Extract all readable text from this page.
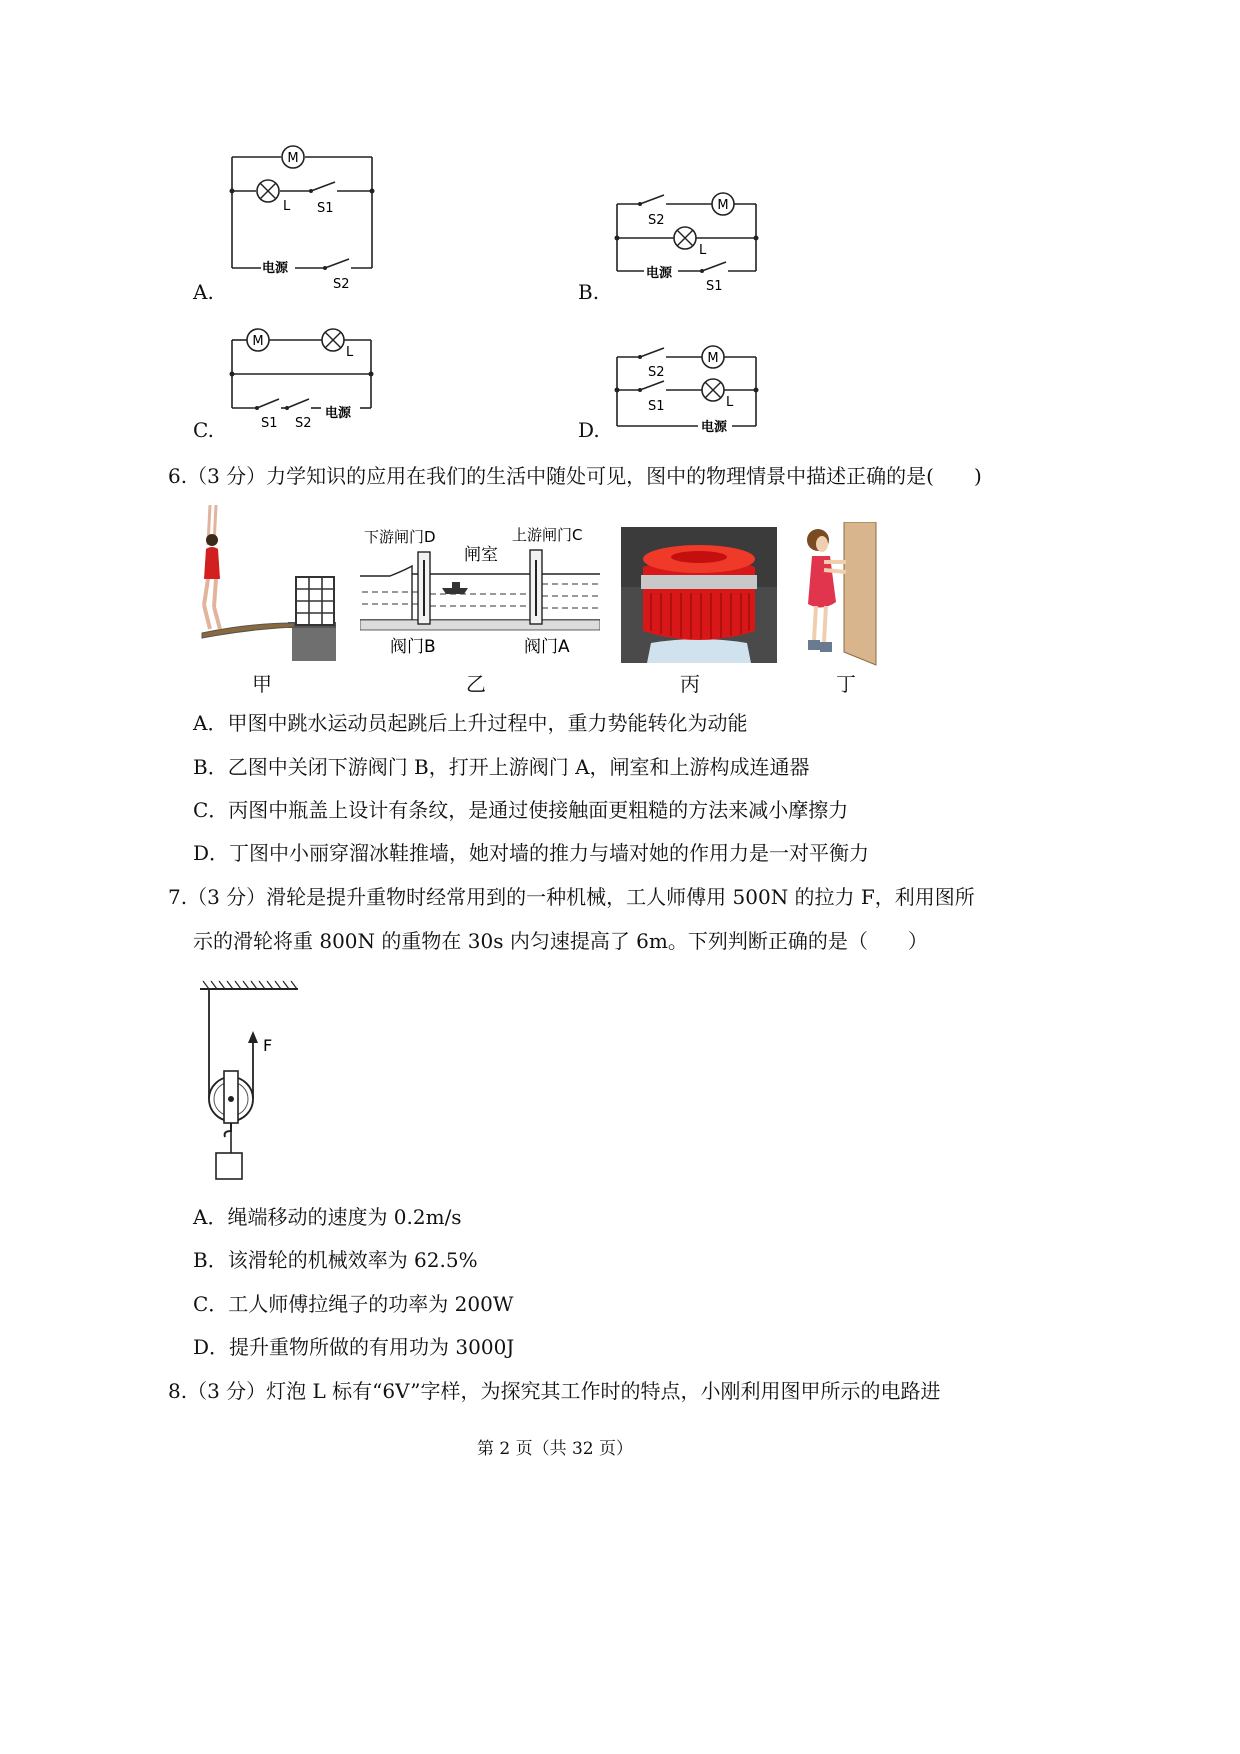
A.
M
L S1
电源
S2	B.
M
L
S2
电源
S1
C.
M
L
S1 S2
电源
D.
M
L
S2
S1
电源
6.（3 分）力学知识的应用在我们的生活中随处可见，图中的物理情景中描述正确的是(　　)
下游闸门D	上游闸门C
闸室
阀门B	阀门A
甲	乙	丙	丁
A．甲图中跳水运动员起跳后上升过程中，重力势能转化为动能
B．乙图中关闭下游阀门 B，打开上游阀门 A，闸室和上游构成连通器
C．丙图中瓶盖上设计有条纹，是通过使接触面更粗糙的方法来减小摩擦力
D．丁图中小丽穿溜冰鞋推墙，她对墙的推力与墙对她的作用力是一对平衡力
7.（3 分）滑轮是提升重物时经常用到的一种机械，工人师傅用 500N 的拉力 F，利用图所
示的滑轮将重 800N 的重物在 30s 内匀速提高了 6m。下列判断正确的是（　　）
F
A．绳端移动的速度为 0.2m/s
B．该滑轮的机械效率为 62.5%
C．工人师傅拉绳子的功率为 200W
D．提升重物所做的有用功为 3000J
8.（3 分）灯泡 L 标有“6V”字样，为探究其工作时的特点，小刚利用图甲所示的电路进
第 2 页（共 32 页）
